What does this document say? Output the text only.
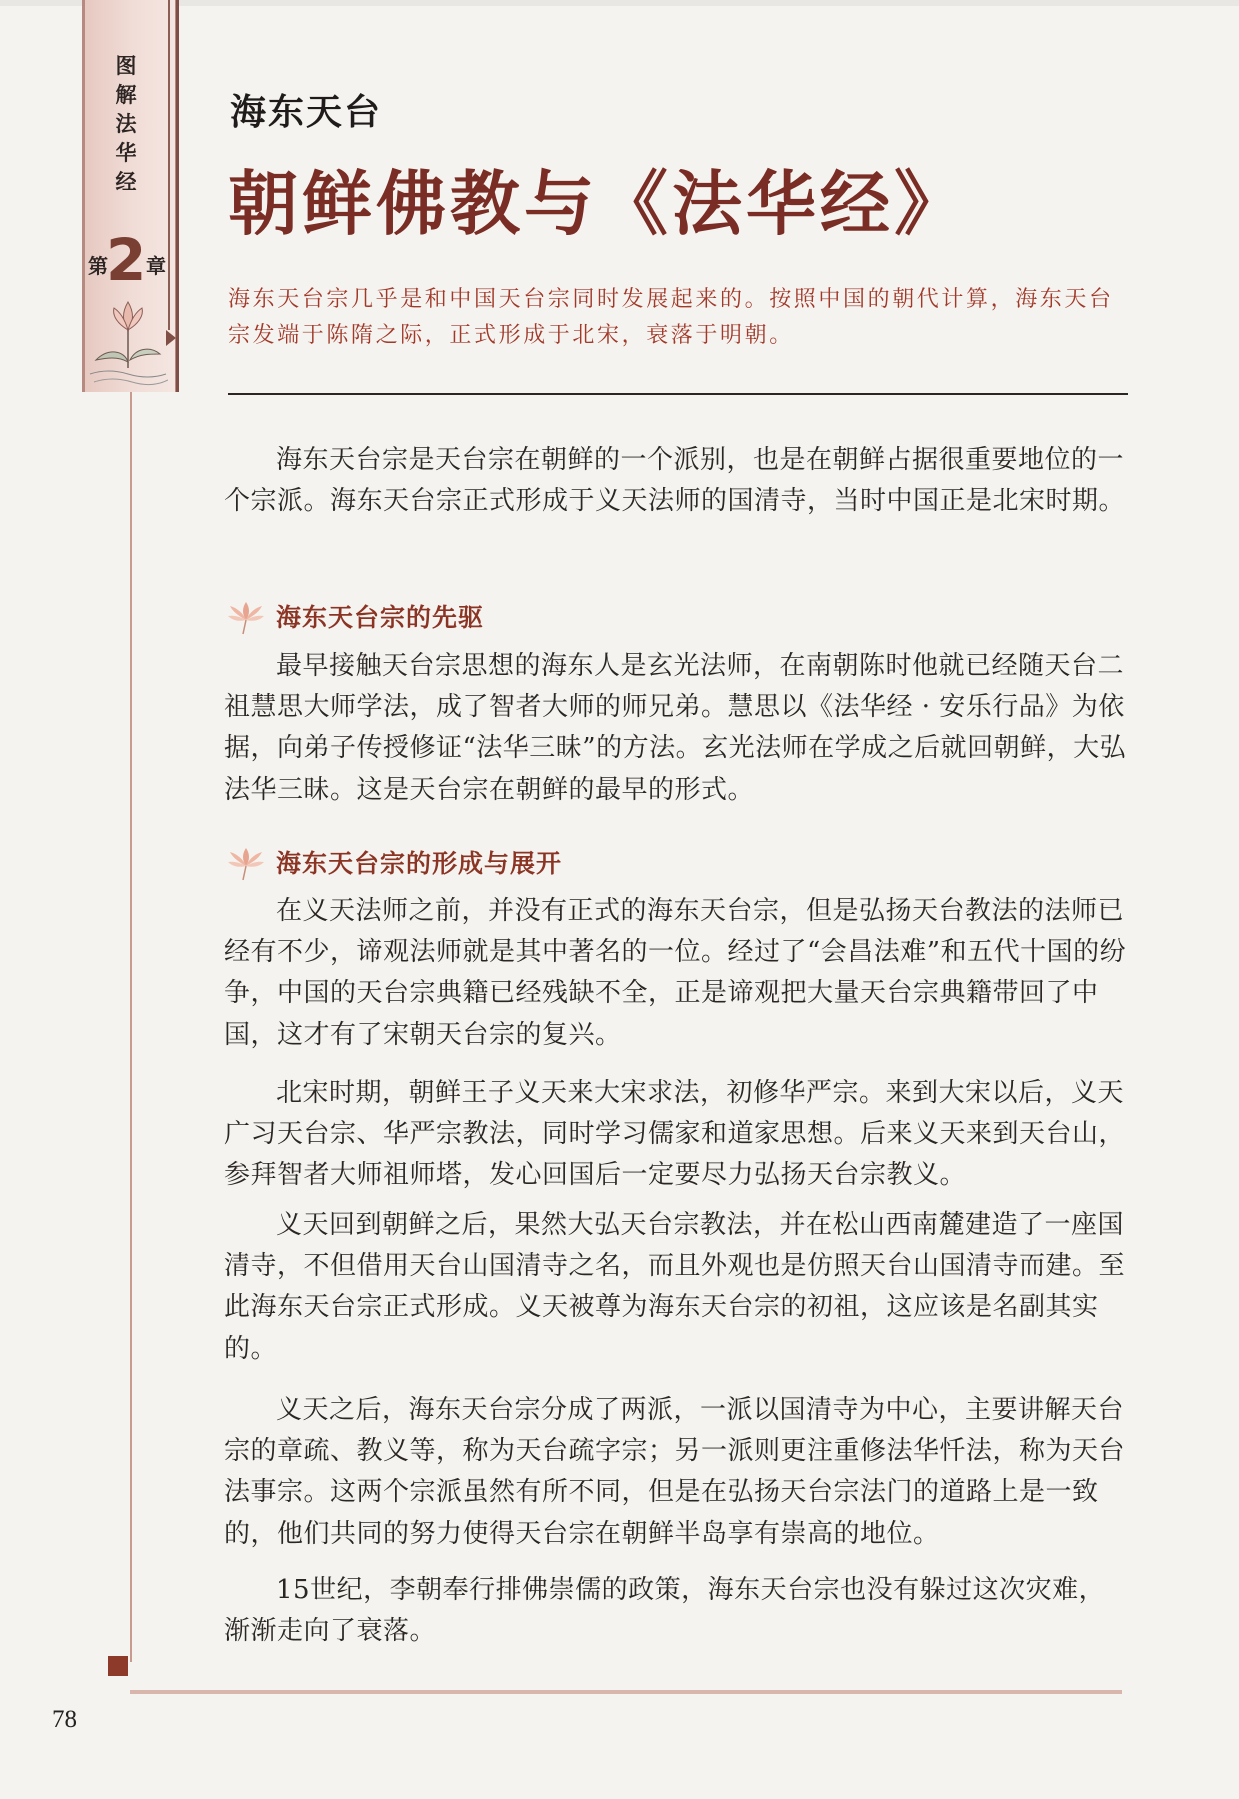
图解法华经
第
2 章
78
海东天台
朝鲜佛教与《法华经》
海东天台宗几乎是和中国天台宗同时发展起来的。按照中国的朝代计算，海东天台宗发端于陈隋之际，正式形成于北宋，衰落于明朝。
海东天台宗是天台宗在朝鲜的一个派别，也是在朝鲜占据很重要地位的一个宗派。海东天台宗正式形成于义天法师的国清寺，当时中国正是北宋时期。
海东天台宗的先驱
最早接触天台宗思想的海东人是玄光法师，在南朝陈时他就已经随天台二祖慧思大师学法，成了智者大师的师兄弟。慧思以《法华经 · 安乐行品》为依据，向弟子传授修证“法华三昧”的方法。玄光法师在学成之后就回朝鲜，大弘法华三昧。这是天台宗在朝鲜的最早的形式。
海东天台宗的形成与展开
在义天法师之前，并没有正式的海东天台宗，但是弘扬天台教法的法师已经有不少，谛观法师就是其中著名的一位。经过了“会昌法难”和五代十国的纷争，中国的天台宗典籍已经残缺不全，正是谛观把大量天台宗典籍带回了中国，这才有了宋朝天台宗的复兴。
北宋时期，朝鲜王子义天来大宋求法，初修华严宗。来到大宋以后，义天广习天台宗、华严宗教法，同时学习儒家和道家思想。后来义天来到天台山，参拜智者大师祖师塔，发心回国后一定要尽力弘扬天台宗教义。
义天回到朝鲜之后，果然大弘天台宗教法，并在松山西南麓建造了一座国清寺，不但借用天台山国清寺之名，而且外观也是仿照天台山国清寺而建。至此海东天台宗正式形成。义天被尊为海东天台宗的初祖，这应该是名副其实的。
义天之后，海东天台宗分成了两派，一派以国清寺为中心，主要讲解天台宗的章疏、教义等，称为天台疏字宗；另一派则更注重修法华忏法，称为天台法事宗。这两个宗派虽然有所不同，但是在弘扬天台宗法门的道路上是一致的，他们共同的努力使得天台宗在朝鲜半岛享有崇高的地位。
15世纪，李朝奉行排佛崇儒的政策，海东天台宗也没有躲过这次灾难，渐渐走向了衰落。
